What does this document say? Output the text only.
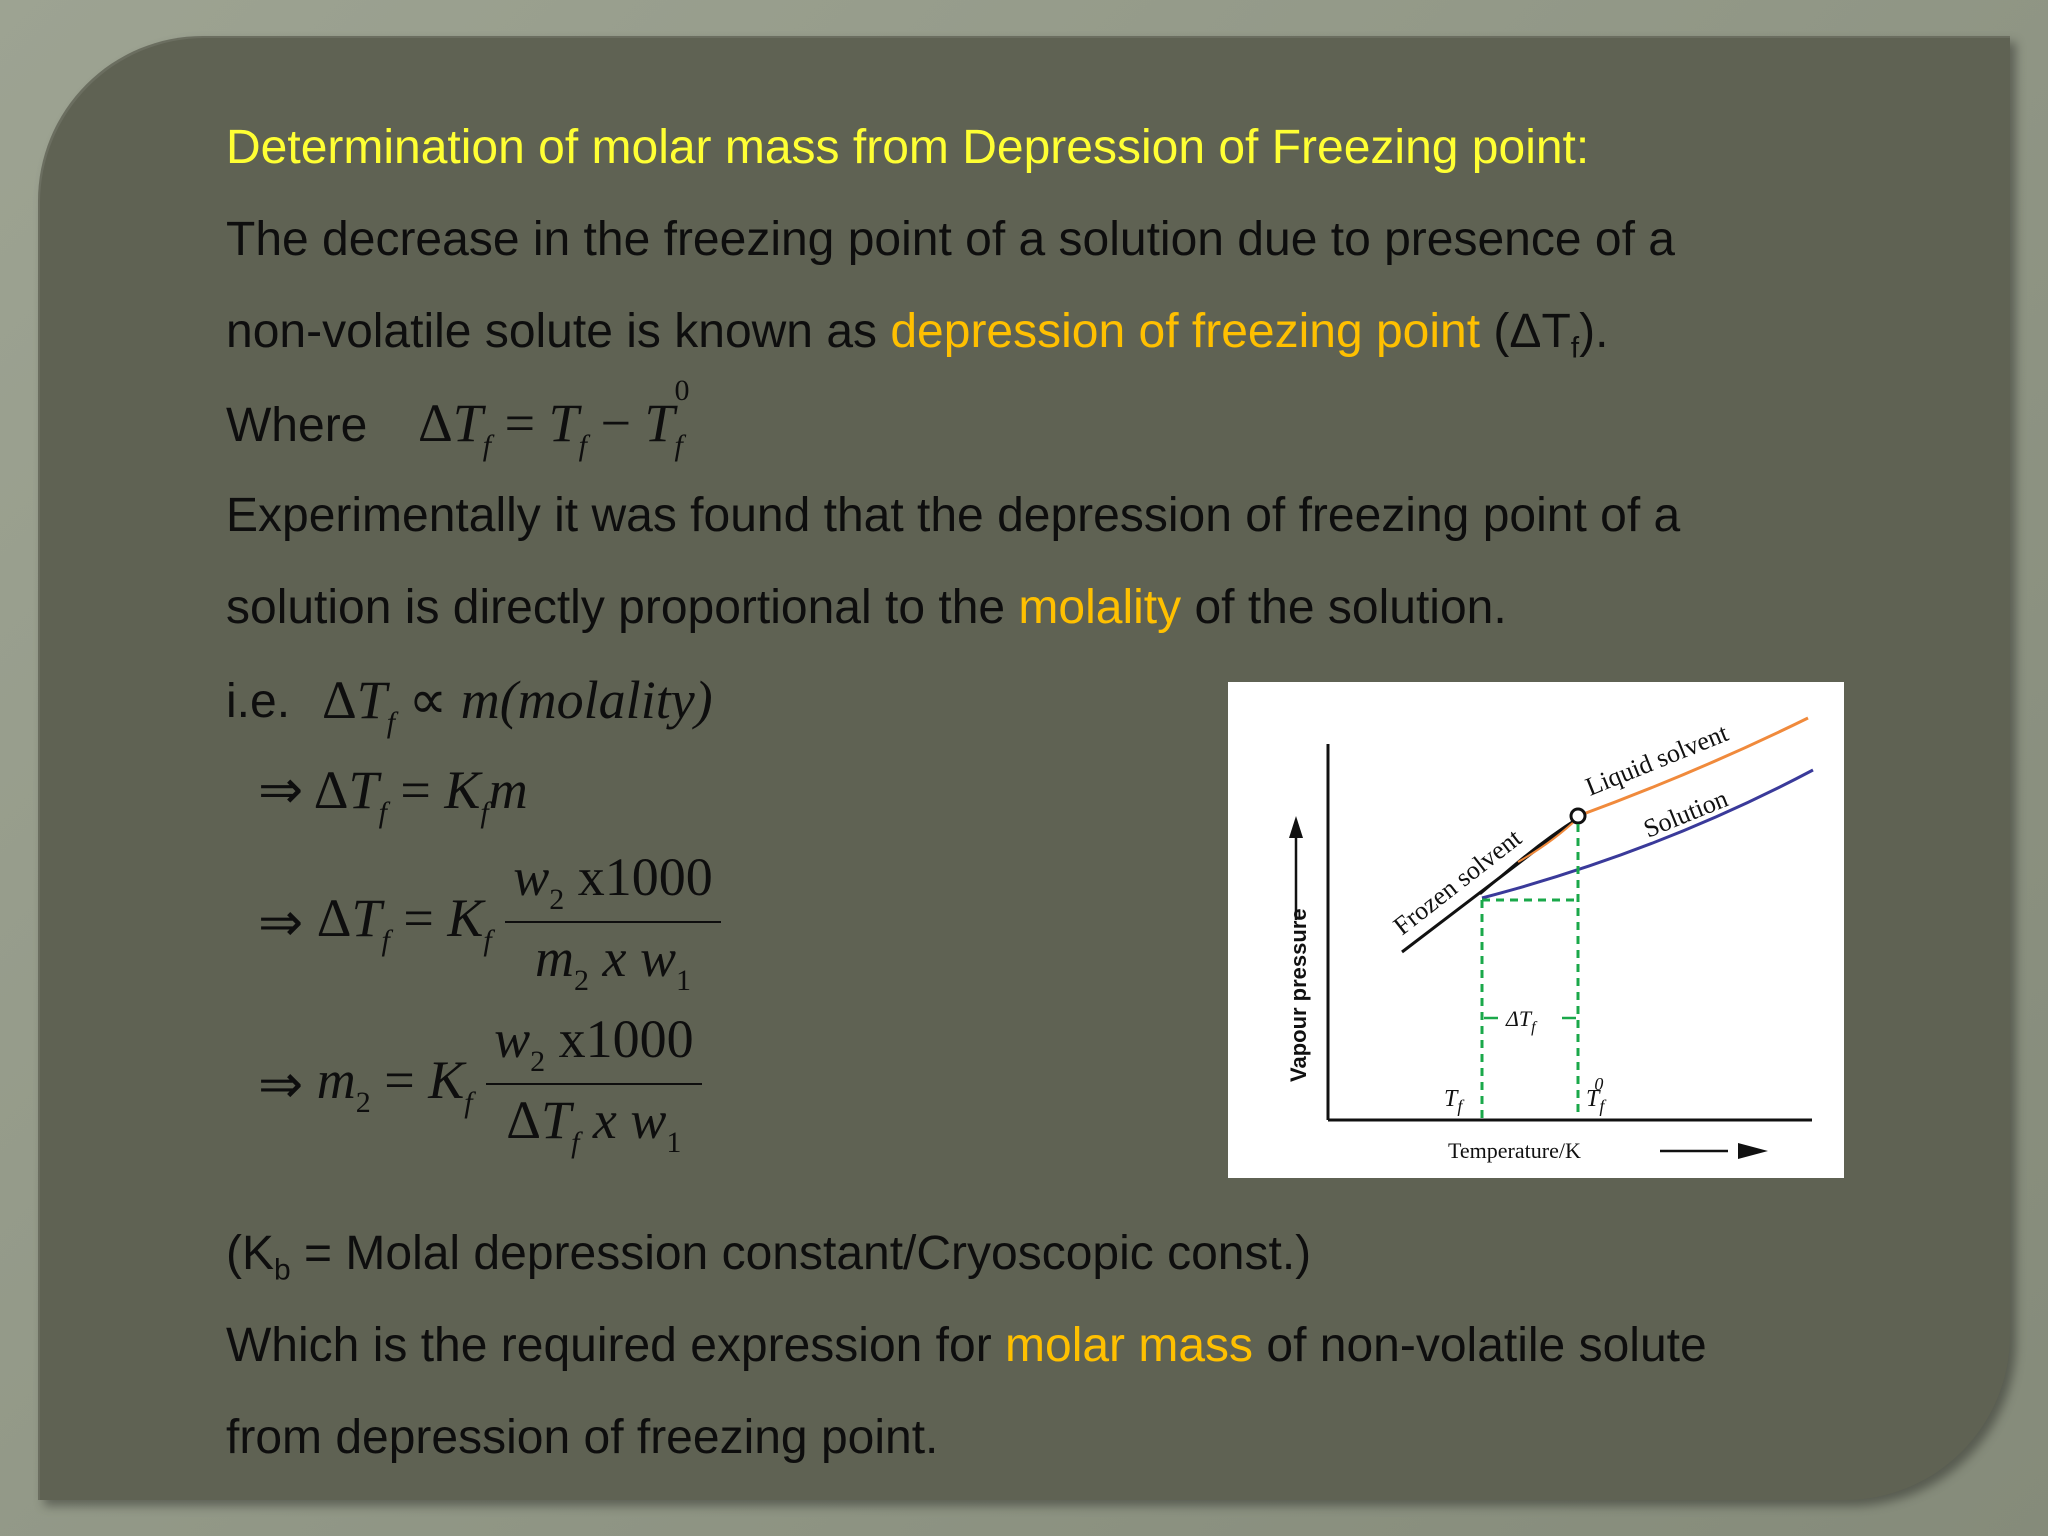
Determination of molar mass from Depression of Freezing point:
The decrease in the freezing point of a solution due to presence of a
non-volatile solute is known as depression of freezing point $(\Delta T_f)$.
Where $\Delta T_f = T_f - T$
0
$_f$
Experimentally it was found that the depression of freezing point of a
solution is directly proportional to the molality of the solution.
i.e. $\Delta T_f$ ∝ m(molality)
⇒ $\Delta T_f = K_fm$
⇒ $\Delta T_f = K_f \frac{w_2 x1000}{m_2 x w_1}$
⇒ $m_2 = K_f \frac{w_2 x1000}{\Delta T_f x w_1}$
($K_b$ = Molal depression constant/Cryoscopic const.)
Which is the required expression for molar mass of non-volatile solute
from depression of freezing point.
Vapour pressure
Temperature/K
Frozen solvent
Liquid solvent
Solution
$\Delta T_f$
$T_f$	$T_f0$
